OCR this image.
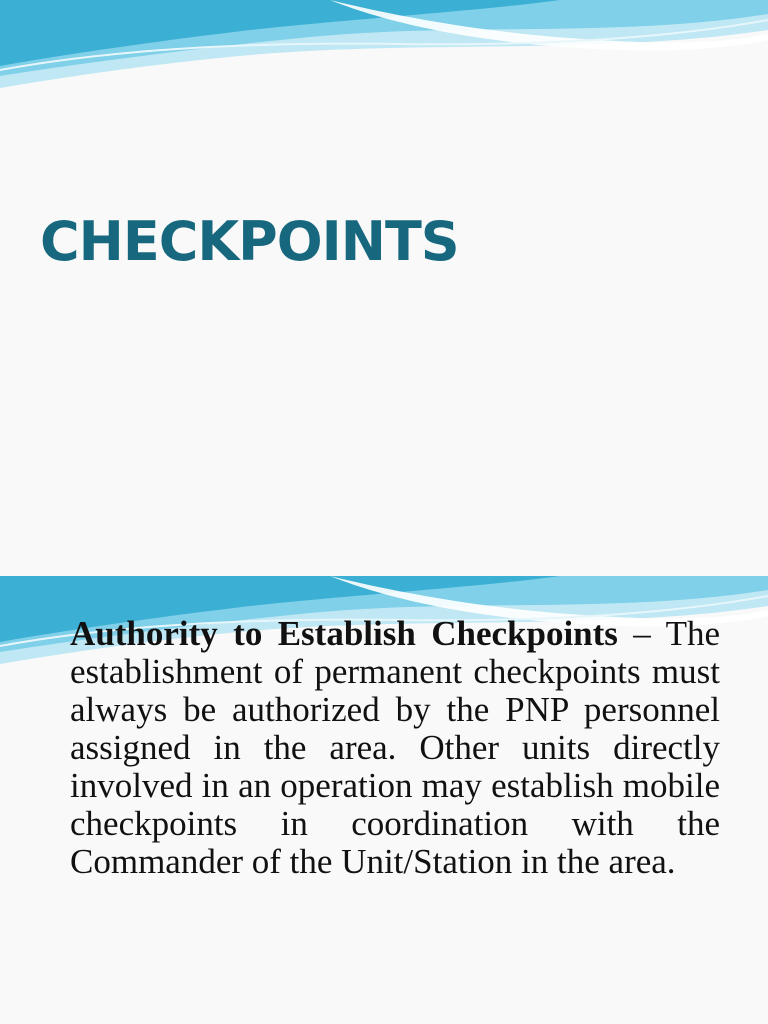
CHECKPOINTS

Authority to Establish Checkpoints – The establishment of permanent checkpoints must always be authorized by the PNP personnel assigned in the area. Other units directly involved in an operation may establish mobile checkpoints in coordination with the Commander of the Unit/Station in the area.
